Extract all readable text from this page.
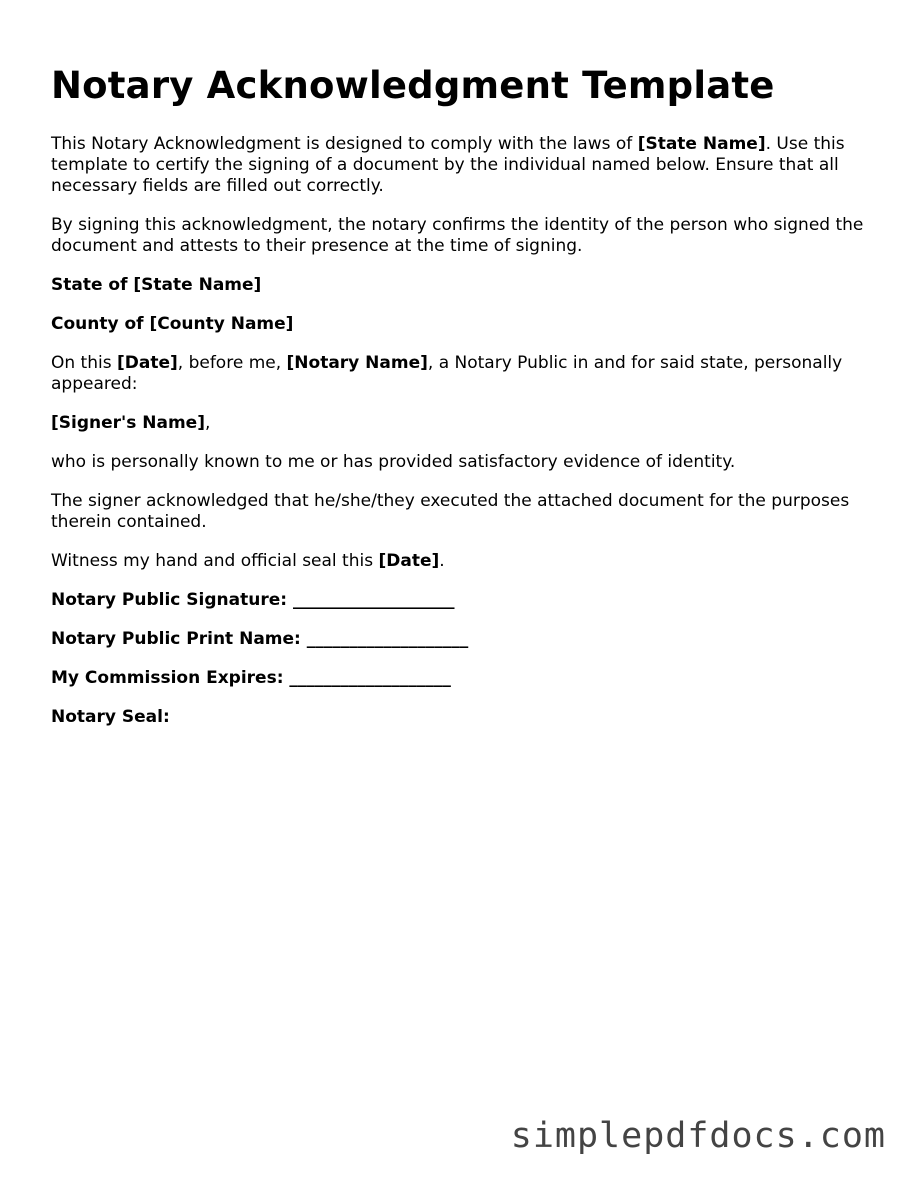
Notary Acknowledgment Template

This Notary Acknowledgment is designed to comply with the laws of [State Name]. Use this template to certify the signing of a document by the individual named below. Ensure that all necessary fields are filled out correctly.

By signing this acknowledgment, the notary confirms the identity of the person who signed the document and attests to their presence at the time of signing.

State of [State Name]

County of [County Name]

On this [Date], before me, [Notary Name], a Notary Public in and for said state, personally appeared:

[Signer's Name],

who is personally known to me or has provided satisfactory evidence of identity.

The signer acknowledged that he/she/they executed the attached document for the purposes therein contained.

Witness my hand and official seal this [Date].

Notary Public Signature: ___________________

Notary Public Print Name: ___________________

My Commission Expires: ___________________

Notary Seal:

simplepdfdocs.com
